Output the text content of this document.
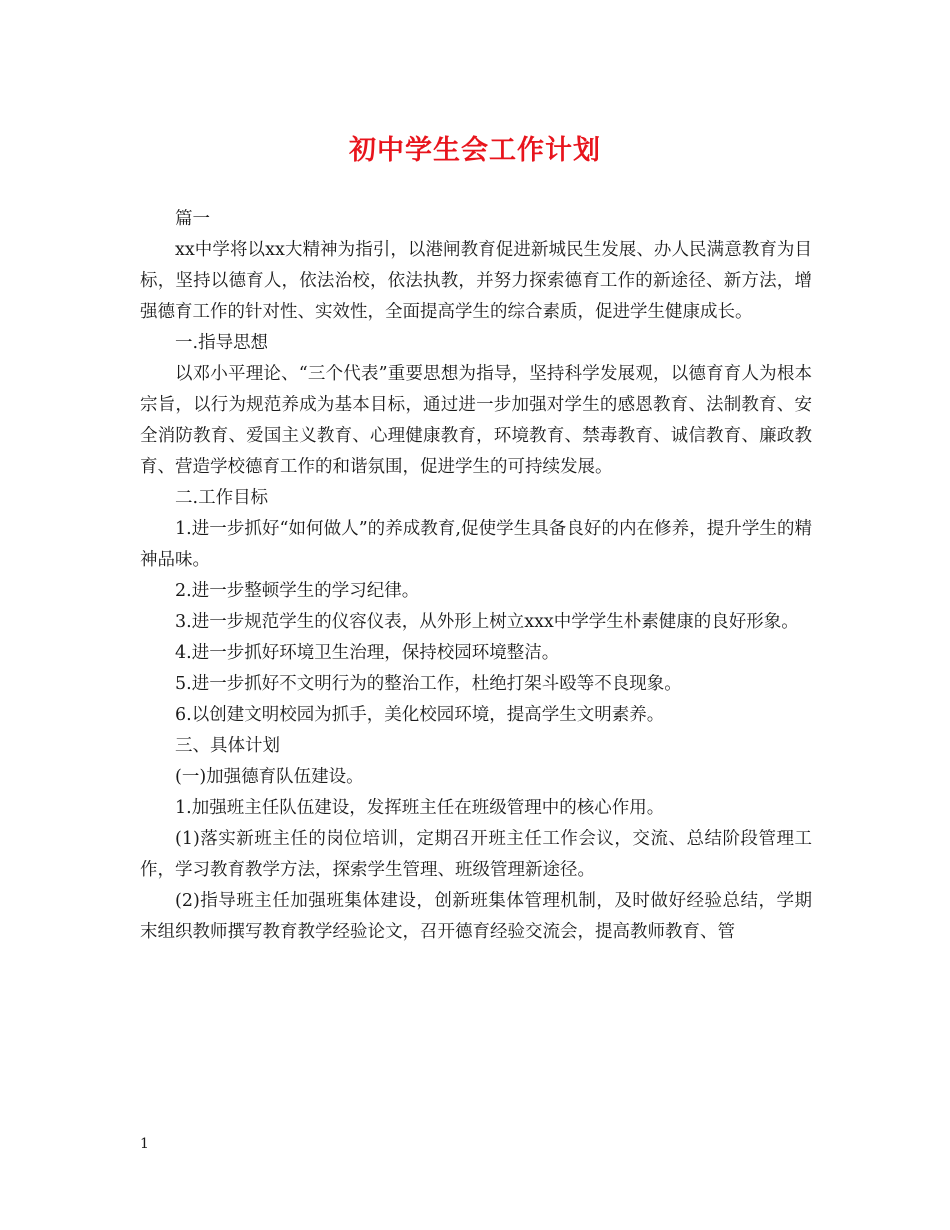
初中学生会工作计划

篇一

xx中学将以xx大精神为指引，以港闸教育促进新城民生发展、办人民满意教育为目标，坚持以德育人，依法治校，依法执教，并努力探索德育工作的新途径、新方法，增强德育工作的针对性、实效性，全面提高学生的综合素质，促进学生健康成长。

一.指导思想

以邓小平理论、“三个代表”重要思想为指导，坚持科学发展观，以德育育人为根本宗旨，以行为规范养成为基本目标，通过进一步加强对学生的感恩教育、法制教育、安全消防教育、爱国主义教育、心理健康教育，环境教育、禁毒教育、诚信教育、廉政教育、营造学校德育工作的和谐氛围，促进学生的可持续发展。

二.工作目标

1.进一步抓好“如何做人”的养成教育,促使学生具备良好的内在修养，提升学生的精神品味。

2.进一步整顿学生的学习纪律。

3.进一步规范学生的仪容仪表，从外形上树立xxx中学学生朴素健康的良好形象。

4.进一步抓好环境卫生治理，保持校园环境整洁。

5.进一步抓好不文明行为的整治工作，杜绝打架斗殴等不良现象。

6.以创建文明校园为抓手，美化校园环境，提高学生文明素养。

三、具体计划

(一)加强德育队伍建设。

1.加强班主任队伍建设，发挥班主任在班级管理中的核心作用。

(1)落实新班主任的岗位培训，定期召开班主任工作会议，交流、总结阶段管理工作，学习教育教学方法，探索学生管理、班级管理新途径。

(2)指导班主任加强班集体建设，创新班集体管理机制，及时做好经验总结，学期末组织教师撰写教育教学经验论文，召开德育经验交流会，提高教师教育、管

1
